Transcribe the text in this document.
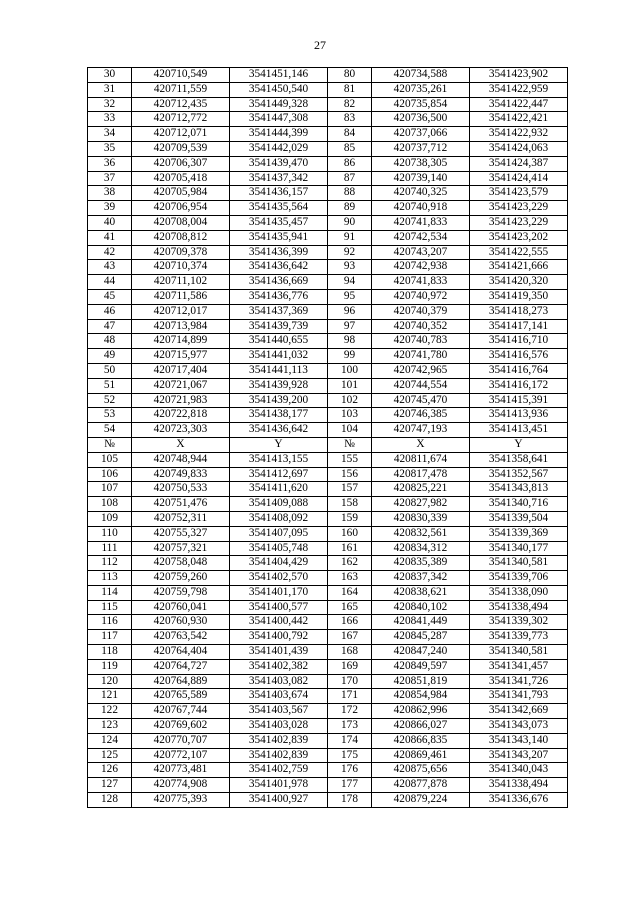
27
30	420710,549	3541451,146	80	420734,588	3541423,902
31	420711,559	3541450,540	81	420735,261	3541422,959
32	420712,435	3541449,328	82	420735,854	3541422,447
33	420712,772	3541447,308	83	420736,500	3541422,421
34	420712,071	3541444,399	84	420737,066	3541422,932
35	420709,539	3541442,029	85	420737,712	3541424,063
36	420706,307	3541439,470	86	420738,305	3541424,387
37	420705,418	3541437,342	87	420739,140	3541424,414
38	420705,984	3541436,157	88	420740,325	3541423,579
39	420706,954	3541435,564	89	420740,918	3541423,229
40	420708,004	3541435,457	90	420741,833	3541423,229
41	420708,812	3541435,941	91	420742,534	3541423,202
42	420709,378	3541436,399	92	420743,207	3541422,555
43	420710,374	3541436,642	93	420742,938	3541421,666
44	420711,102	3541436,669	94	420741,833	3541420,320
45	420711,586	3541436,776	95	420740,972	3541419,350
46	420712,017	3541437,369	96	420740,379	3541418,273
47	420713,984	3541439,739	97	420740,352	3541417,141
48	420714,899	3541440,655	98	420740,783	3541416,710
49	420715,977	3541441,032	99	420741,780	3541416,576
50	420717,404	3541441,113	100	420742,965	3541416,764
51	420721,067	3541439,928	101	420744,554	3541416,172
52	420721,983	3541439,200	102	420745,470	3541415,391
53	420722,818	3541438,177	103	420746,385	3541413,936
54	420723,303	3541436,642	104	420747,193	3541413,451
№	X	Y	№	X	Y
105	420748,944	3541413,155	155	420811,674	3541358,641
106	420749,833	3541412,697	156	420817,478	3541352,567
107	420750,533	3541411,620	157	420825,221	3541343,813
108	420751,476	3541409,088	158	420827,982	3541340,716
109	420752,311	3541408,092	159	420830,339	3541339,504
110	420755,327	3541407,095	160	420832,561	3541339,369
111	420757,321	3541405,748	161	420834,312	3541340,177
112	420758,048	3541404,429	162	420835,389	3541340,581
113	420759,260	3541402,570	163	420837,342	3541339,706
114	420759,798	3541401,170	164	420838,621	3541338,090
115	420760,041	3541400,577	165	420840,102	3541338,494
116	420760,930	3541400,442	166	420841,449	3541339,302
117	420763,542	3541400,792	167	420845,287	3541339,773
118	420764,404	3541401,439	168	420847,240	3541340,581
119	420764,727	3541402,382	169	420849,597	3541341,457
120	420764,889	3541403,082	170	420851,819	3541341,726
121	420765,589	3541403,674	171	420854,984	3541341,793
122	420767,744	3541403,567	172	420862,996	3541342,669
123	420769,602	3541403,028	173	420866,027	3541343,073
124	420770,707	3541402,839	174	420866,835	3541343,140
125	420772,107	3541402,839	175	420869,461	3541343,207
126	420773,481	3541402,759	176	420875,656	3541340,043
127	420774,908	3541401,978	177	420877,878	3541338,494
128	420775,393	3541400,927	178	420879,224	3541336,676
